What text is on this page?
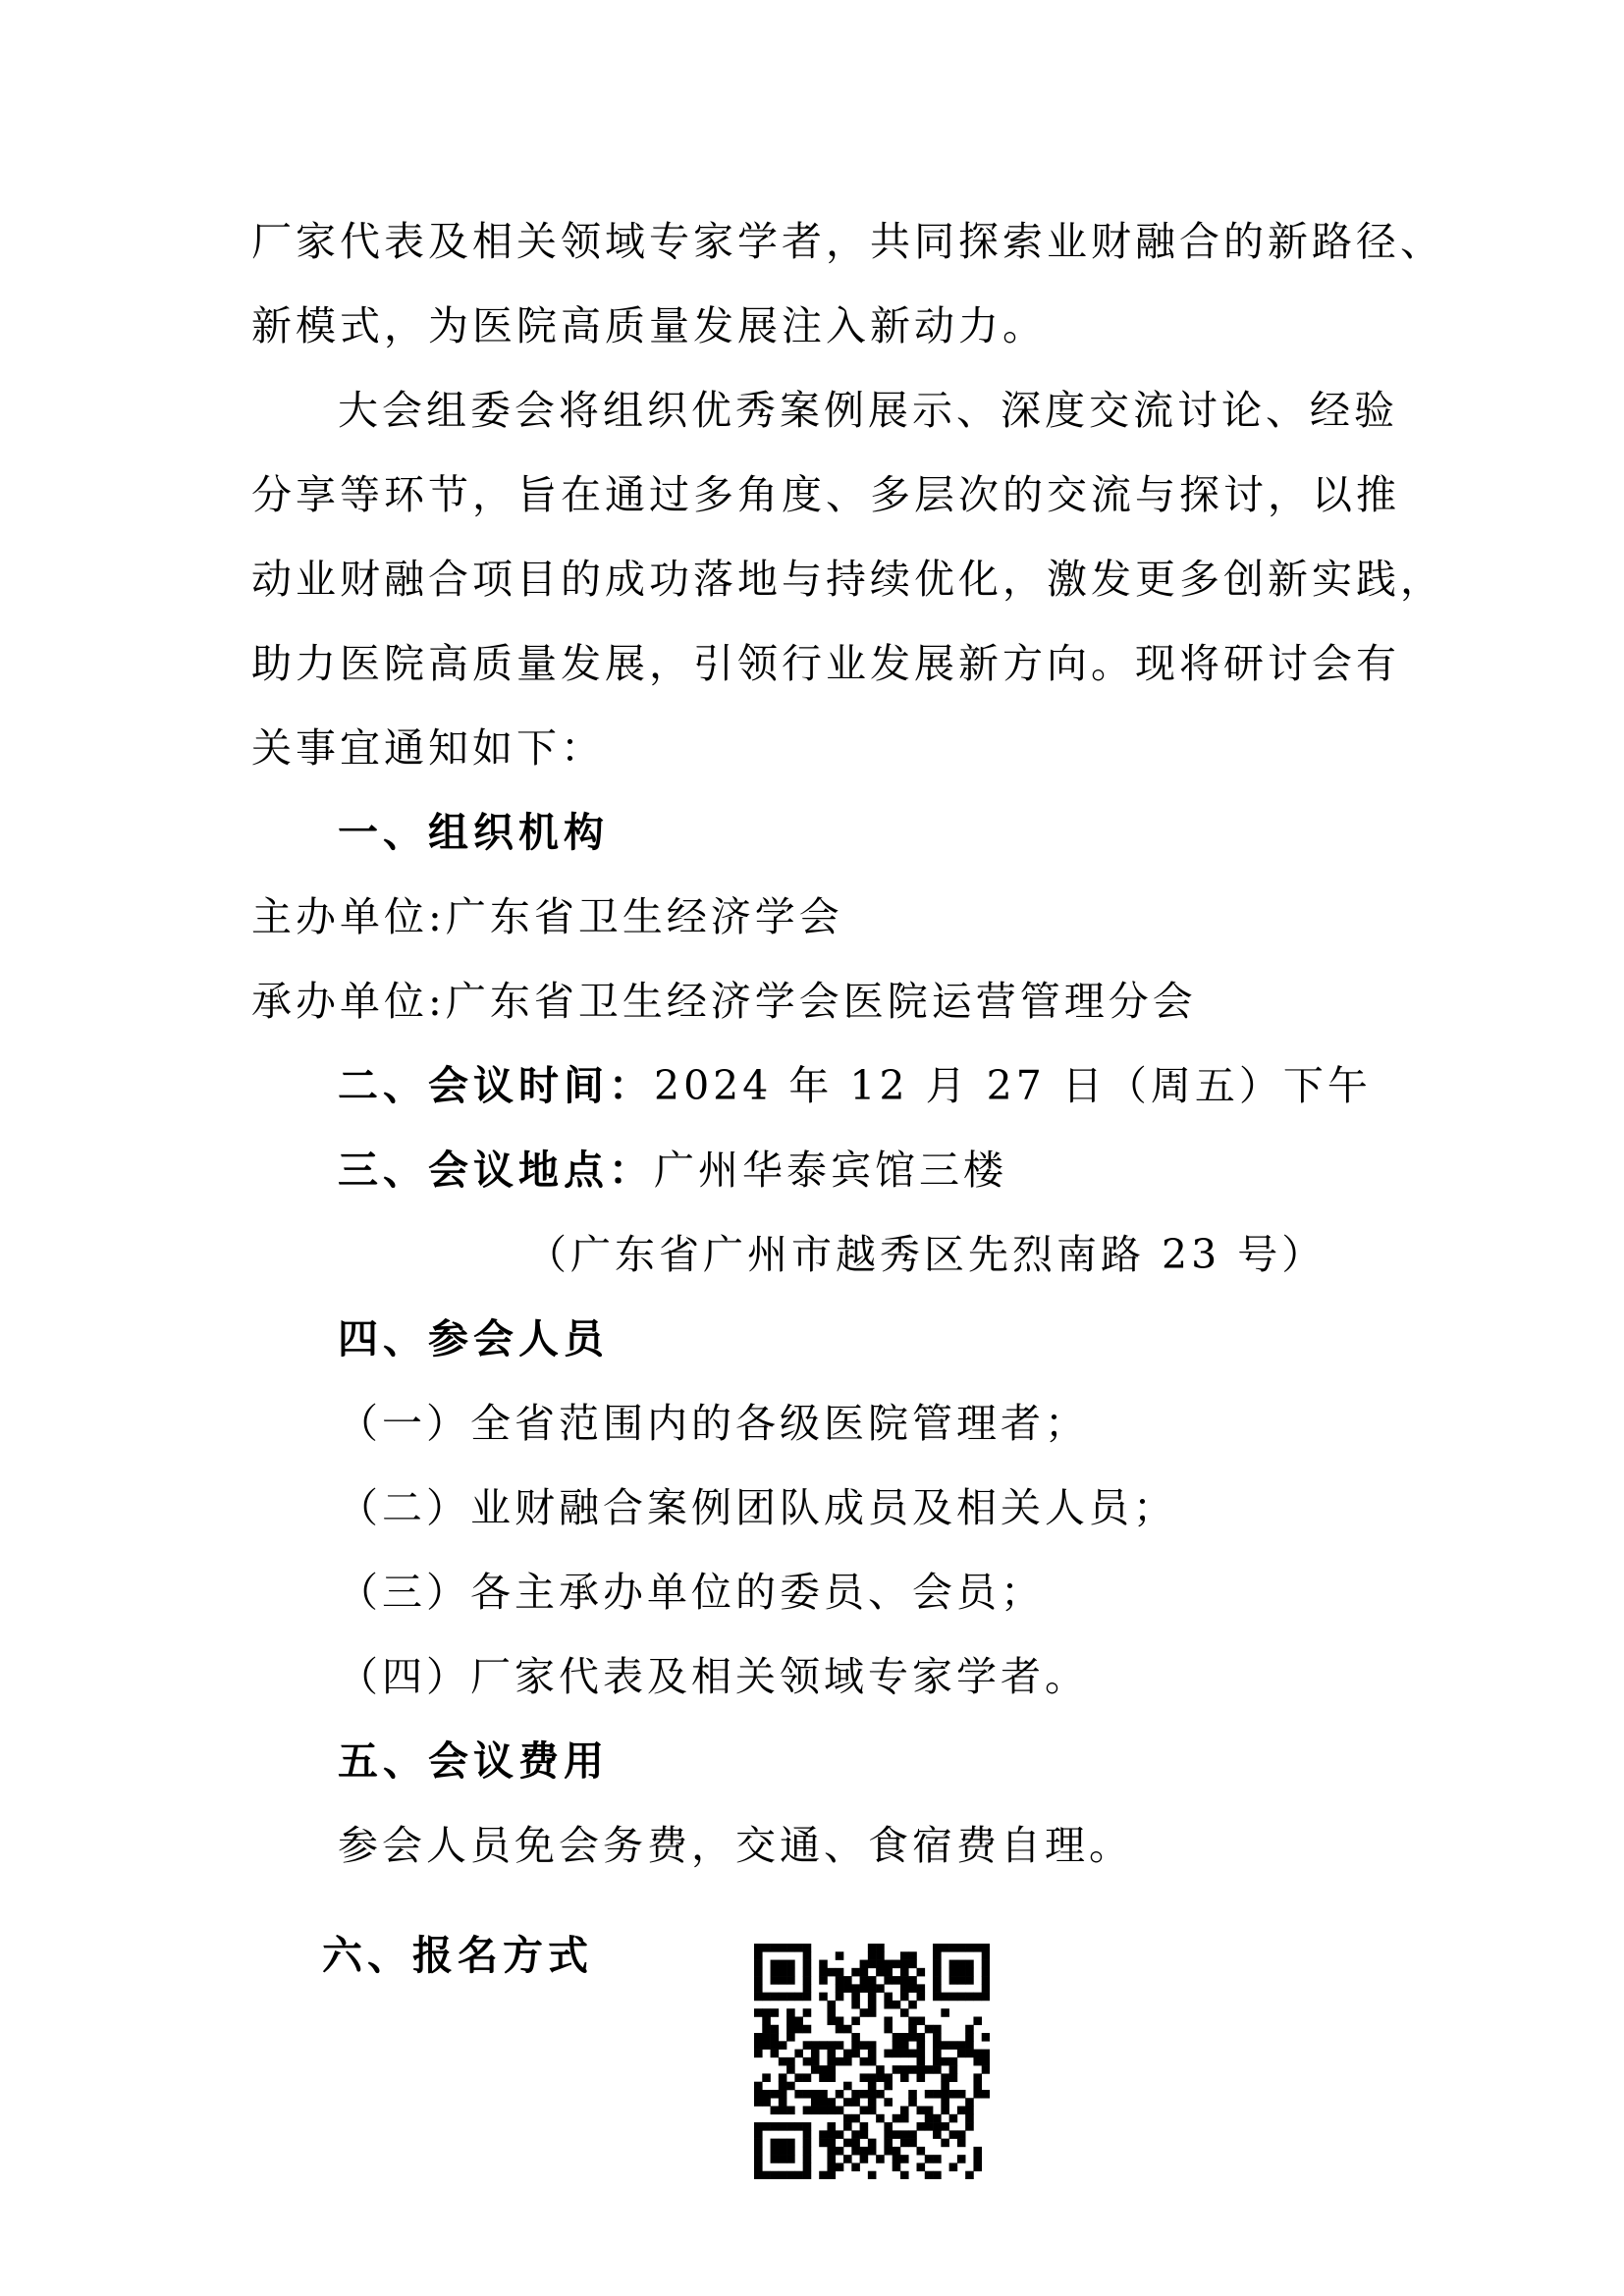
厂家代表及相关领域专家学者，共同探索业财融合的新路径、
新模式，为医院高质量发展注入新动力。
大会组委会将组织优秀案例展示、深度交流讨论、经验
分享等环节，旨在通过多角度、多层次的交流与探讨，以推
动业财融合项目的成功落地与持续优化，激发更多创新实践，
助力医院高质量发展，引领行业发展新方向。现将研讨会有
关事宜通知如下：
一、组织机构
主办单位:广东省卫生经济学会
承办单位:广东省卫生经济学会医院运营管理分会
二、会议时间：2024 年 12 月 27 日（周五）下午
三、会议地点：广州华泰宾馆三楼
（广东省广州市越秀区先烈南路 23 号）
四、参会人员
（一）全省范围内的各级医院管理者；
（二）业财融合案例团队成员及相关人员；
（三）各主承办单位的委员、会员；
（四）厂家代表及相关领域专家学者。
五、会议费用
参会人员免会务费，交通、食宿费自理。
六、报名方式
